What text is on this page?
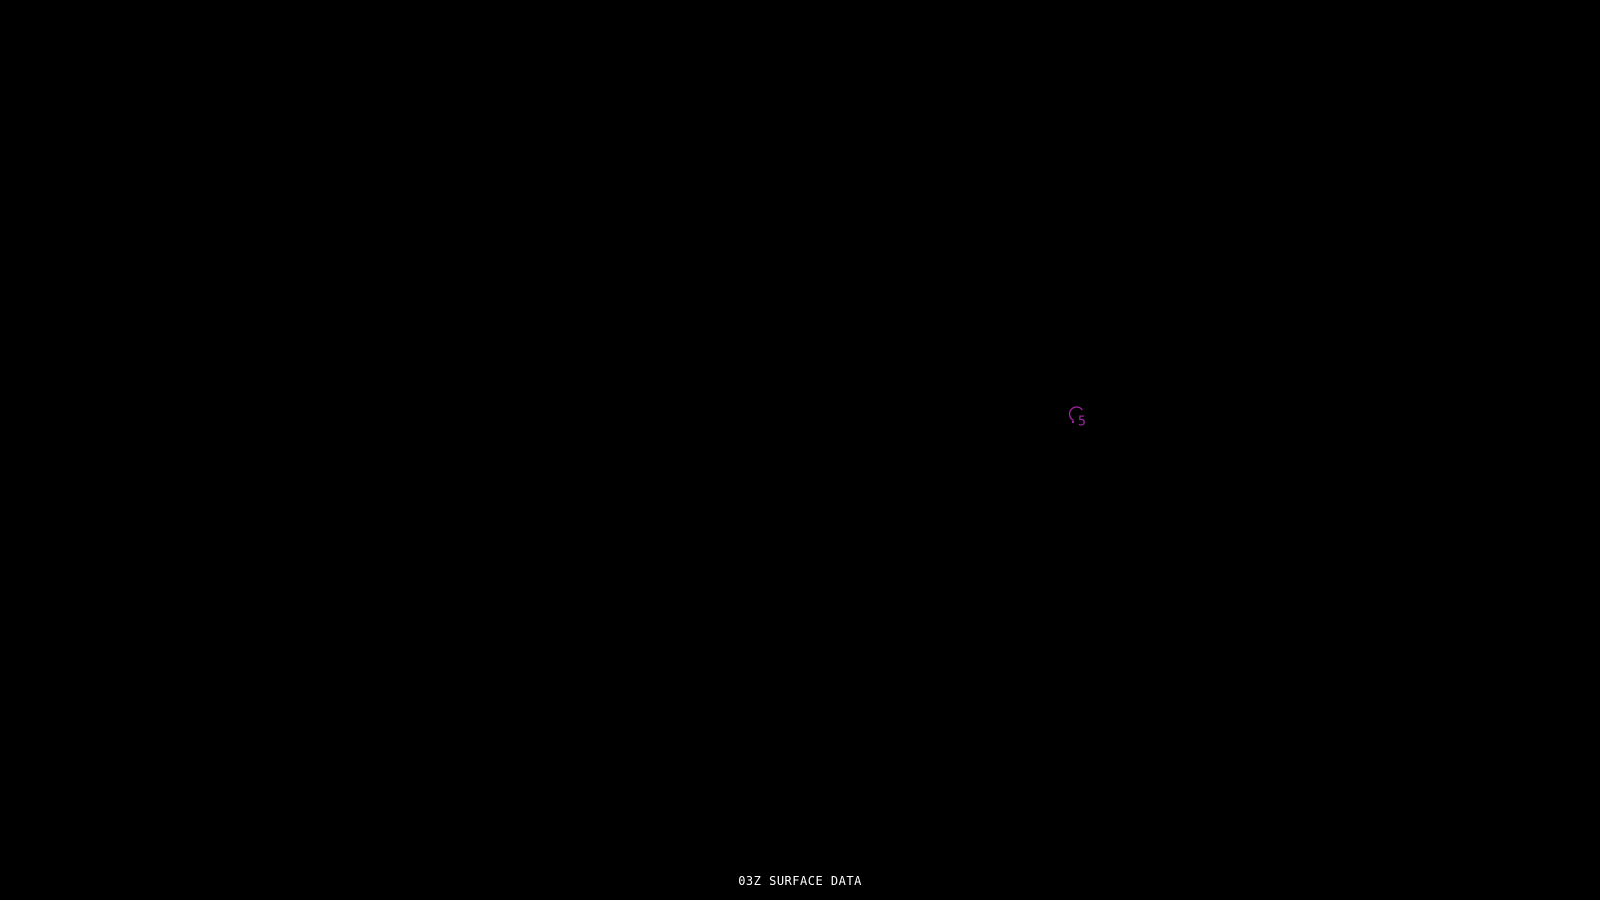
5
03Z SURFACE DATA
